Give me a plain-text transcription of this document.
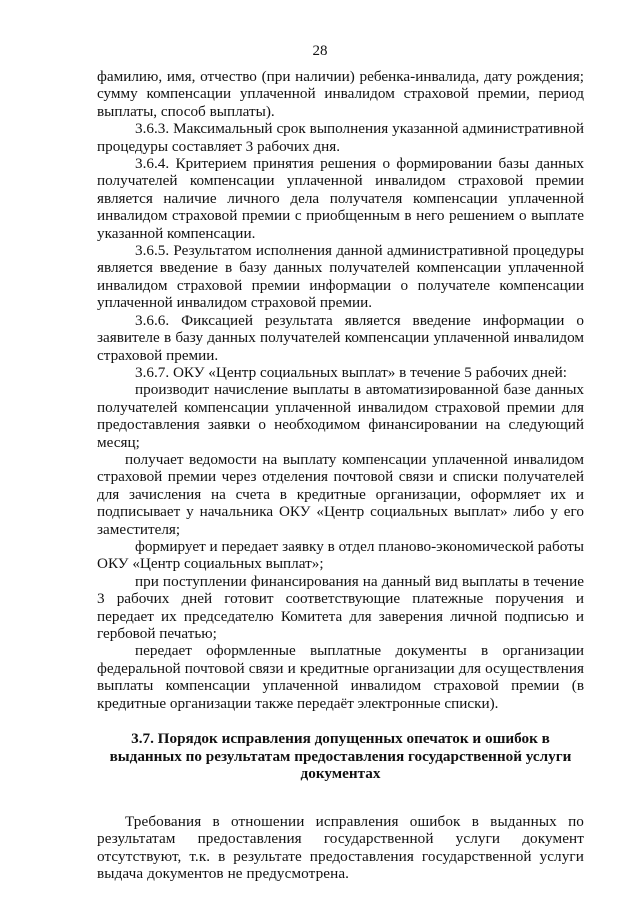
28

фамилию, имя, отчество (при наличии) ребенка-инвалида, дату рождения; сумму компенсации уплаченной инвалидом страховой премии, период выплаты, способ выплаты).

3.6.3. Максимальный срок выполнения указанной административной процедуры составляет 3 рабочих дня.

3.6.4. Критерием принятия решения о формировании базы данных получателей компенсации уплаченной инвалидом страховой премии является наличие личного дела получателя компенсации уплаченной инвалидом страховой премии с приобщенным в него решением о выплате указанной компенсации.

3.6.5. Результатом исполнения данной административной процедуры является введение в базу данных получателей компенсации уплаченной инвалидом страховой премии информации о получателе компенсации уплаченной инвалидом страховой премии.

3.6.6. Фиксацией результата является введение информации о заявителе в базу данных получателей компенсации уплаченной инвалидом страховой премии.

3.6.7. ОКУ «Центр социальных выплат» в течение 5 рабочих дней:

производит начисление выплаты в автоматизированной базе данных получателей компенсации уплаченной инвалидом страховой премии для предоставления заявки о необходимом финансировании на следующий месяц;

получает ведомости на выплату компенсации уплаченной инвалидом страховой премии через отделения почтовой связи и списки получателей для зачисления на счета в кредитные организации, оформляет их и подписывает у начальника ОКУ «Центр социальных выплат» либо у его заместителя;

формирует и передает заявку в отдел планово-экономической работы ОКУ «Центр социальных выплат»;

при поступлении финансирования на данный вид выплаты в течение 3 рабочих дней готовит соответствующие платежные поручения и передает их председателю Комитета для заверения личной подписью и гербовой печатью;

передает оформленные выплатные документы в организации федеральной почтовой связи и кредитные организации для осуществления выплаты компенсации уплаченной инвалидом страховой премии (в кредитные организации также передаёт электронные списки).

3.7. Порядок исправления допущенных опечаток и ошибок в выданных по результатам предоставления государственной услуги документах

Требования в отношении исправления ошибок в выданных по результатам предоставления государственной услуги документ отсутствуют, т.к. в результате предоставления государственной услуги выдача документов не предусмотрена.
